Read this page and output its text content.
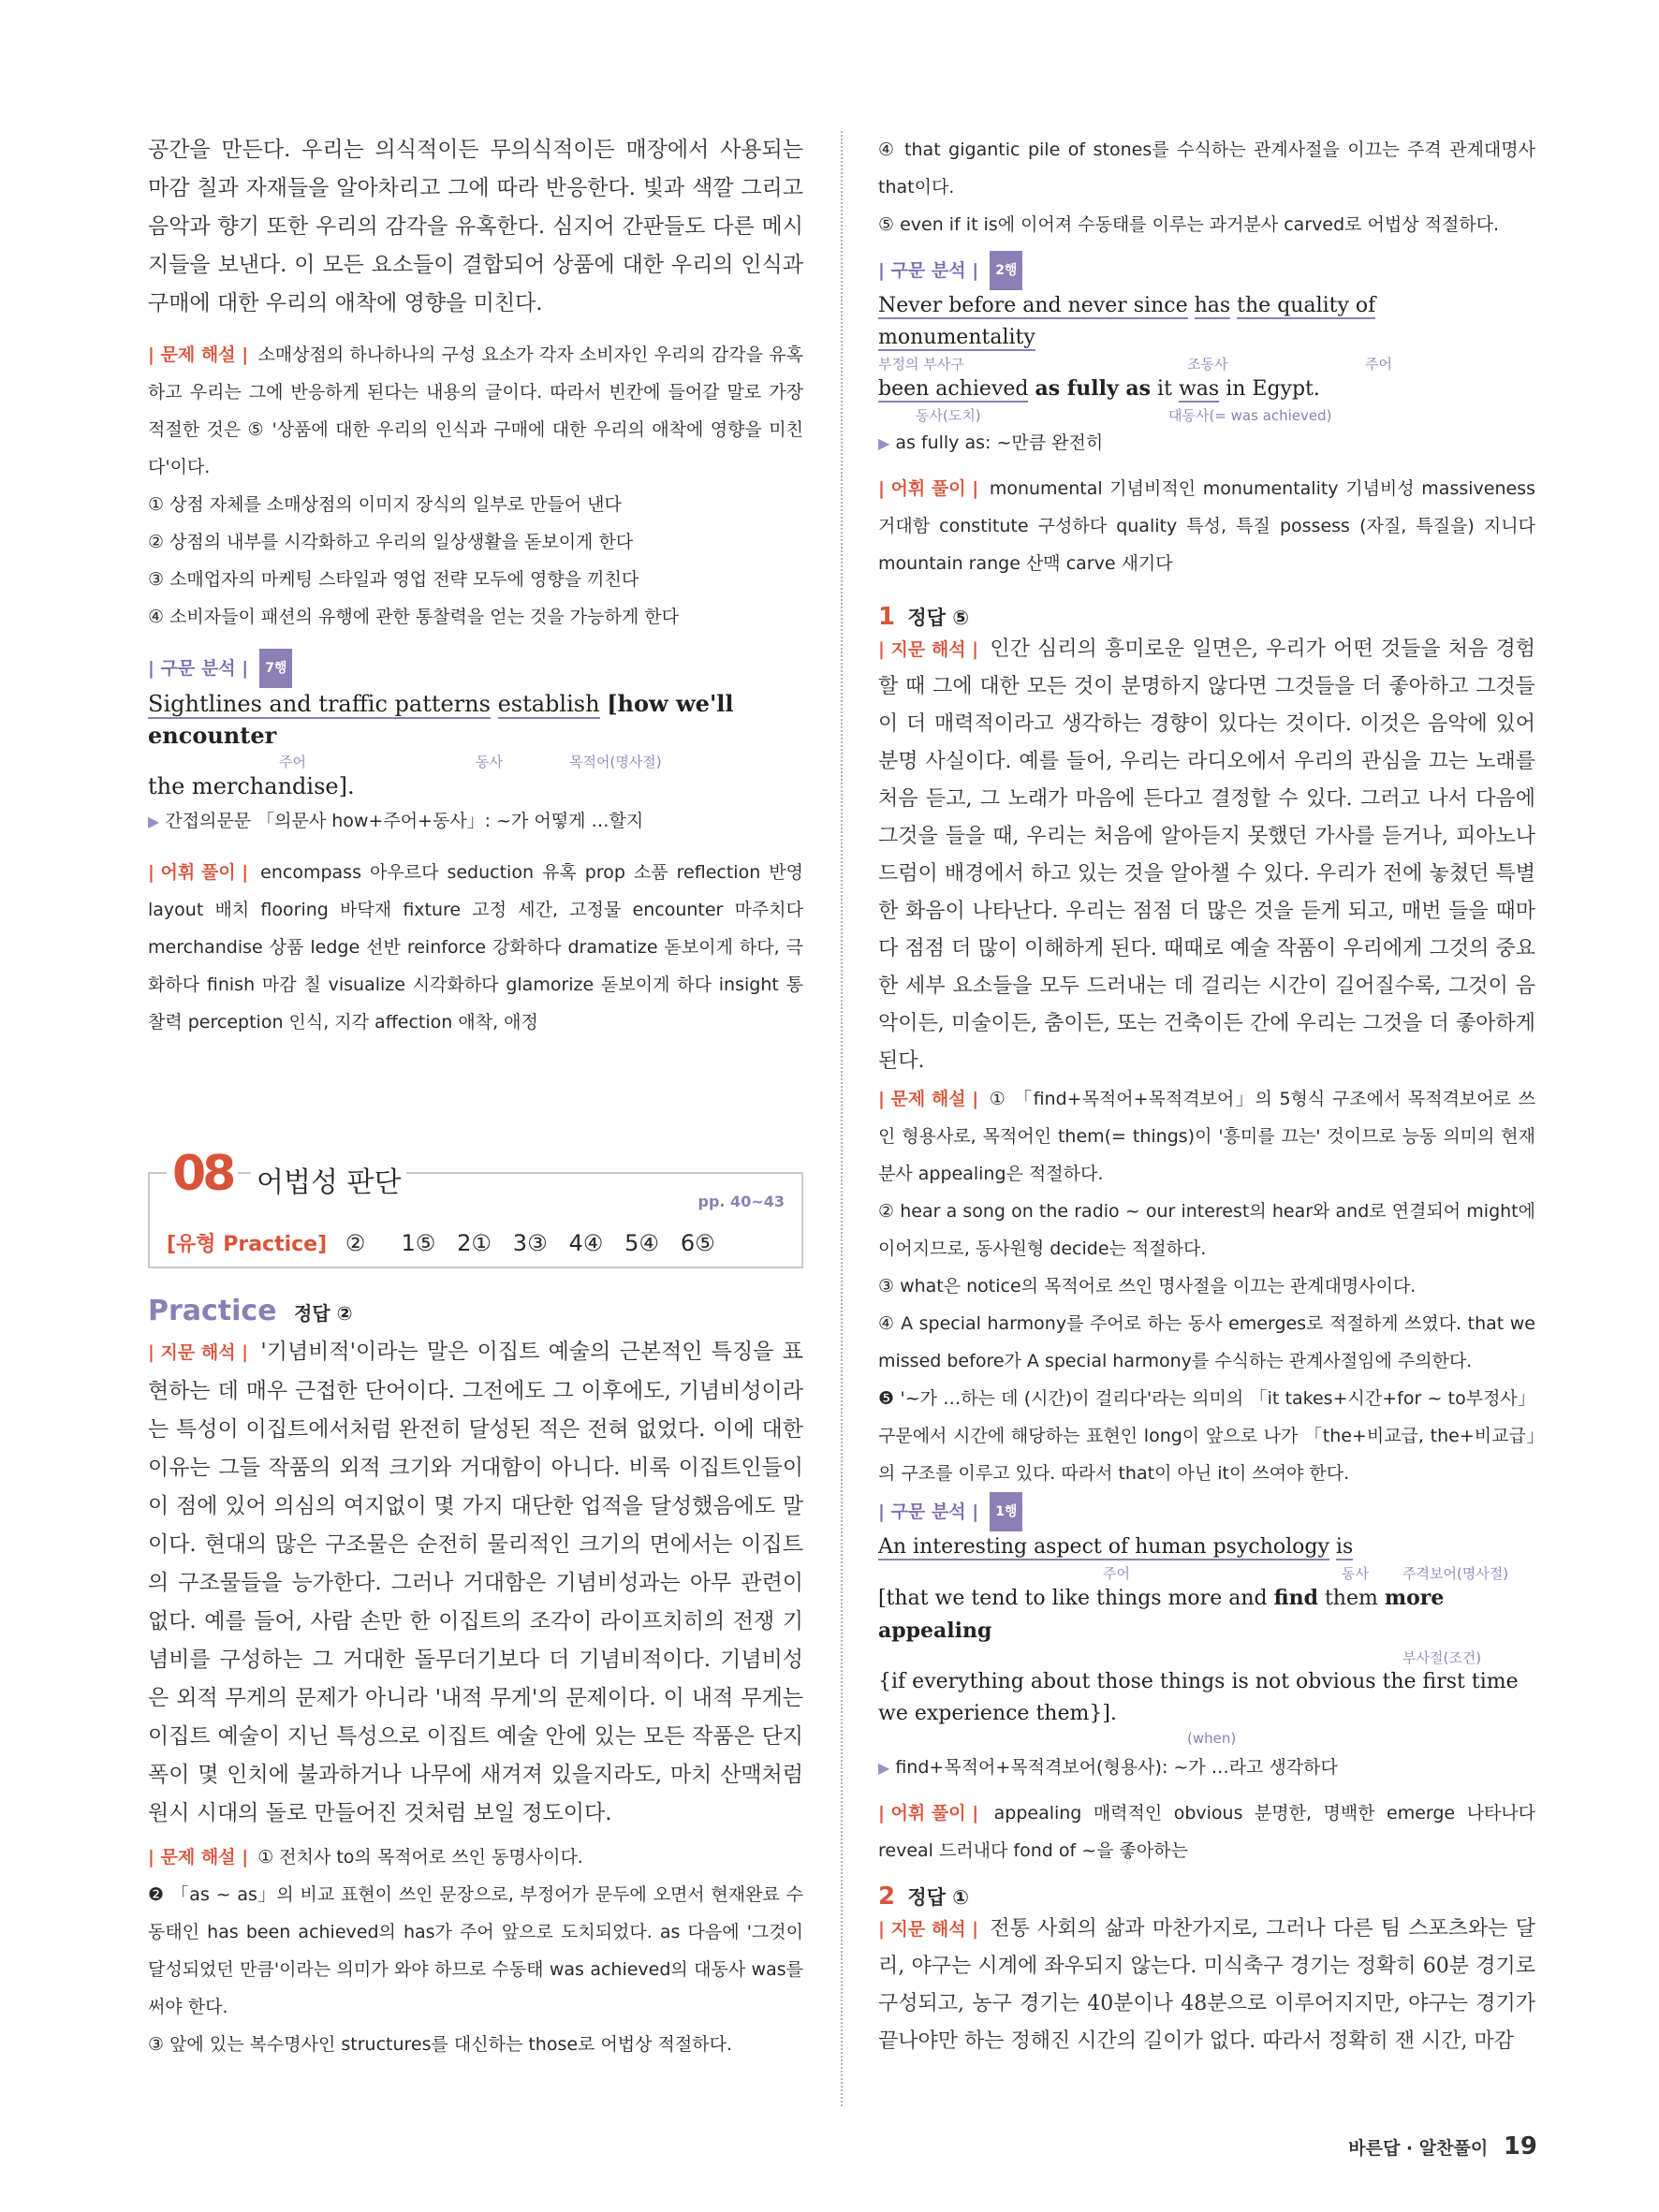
공간을 만든다. 우리는 의식적이든 무의식적이든 매장에서 사용되는 마감 칠과 자재들을 알아차리고 그에 따라 반응한다. 빛과 색깔 그리고 음악과 향기 또한 우리의 감각을 유혹한다. 심지어 간판들도 다른 메시지들을 보낸다. 이 모든 요소들이 결합되어 상품에 대한 우리의 인식과 구매에 대한 우리의 애착에 영향을 미친다.

| 문제 해설 | 소매상점의 하나하나의 구성 요소가 각자 소비자인 우리의 감각을 유혹하고 우리는 그에 반응하게 된다는 내용의 글이다. 따라서 빈칸에 들어갈 말로 가장 적절한 것은 ⑤ '상품에 대한 우리의 인식과 구매에 대한 우리의 애착에 영향을 미친다'이다.

① 상점 자체를 소매상점의 이미지 장식의 일부로 만들어 낸다

② 상점의 내부를 시각화하고 우리의 일상생활을 돋보이게 한다

③ 소매업자의 마케팅 스타일과 영업 전략 모두에 영향을 끼친다

④ 소비자들이 패션의 유행에 관한 통찰력을 얻는 것을 가능하게 한다

| 구문 분석 | 7행

Sightlines and traffic patterns establish [how we'll encounter
주어	동사	목적어(명사절)
the merchandise].

▶ 간접의문문 「의문사 how+주어+동사」: ~가 어떻게 …할지

| 어휘 풀이 | encompass 아우르다 seduction 유혹 prop 소품 reflection 반영 layout 배치 flooring 바닥재 fixture 고정 세간, 고정물 encounter 마주치다 merchandise 상품 ledge 선반 reinforce 강화하다 dramatize 돋보이게 하다, 극화하다 finish 마감 칠 visualize 시각화하다 glamorize 돋보이게 하다 insight 통찰력 perception 인식, 지각 affection 애착, 애정

08 어법성 판단
pp. 40~43
[유형 Practice] ②     1⑤   2①   3③   4④   5④   6⑤
Practice 정답 ②

| 지문 해석 | '기념비적'이라는 말은 이집트 예술의 근본적인 특징을 표현하는 데 매우 근접한 단어이다. 그전에도 그 이후에도, 기념비성이라는 특성이 이집트에서처럼 완전히 달성된 적은 전혀 없었다. 이에 대한 이유는 그들 작품의 외적 크기와 거대함이 아니다. 비록 이집트인들이 이 점에 있어 의심의 여지없이 몇 가지 대단한 업적을 달성했음에도 말이다. 현대의 많은 구조물은 순전히 물리적인 크기의 면에서는 이집트의 구조물들을 능가한다. 그러나 거대함은 기념비성과는 아무 관련이 없다. 예를 들어, 사람 손만 한 이집트의 조각이 라이프치히의 전쟁 기념비를 구성하는 그 거대한 돌무더기보다 더 기념비적이다. 기념비성은 외적 무게의 문제가 아니라 '내적 무게'의 문제이다. 이 내적 무게는 이집트 예술이 지닌 특성으로 이집트 예술 안에 있는 모든 작품은 단지 폭이 몇 인치에 불과하거나 나무에 새겨져 있을지라도, 마치 산맥처럼 원시 시대의 돌로 만들어진 것처럼 보일 정도이다.

| 문제 해설 | ① 전치사 to의 목적어로 쓰인 동명사이다.

❷ 「as ~ as」의 비교 표현이 쓰인 문장으로, 부정어가 문두에 오면서 현재완료 수동태인 has been achieved의 has가 주어 앞으로 도치되었다. as 다음에 '그것이 달성되었던 만큼'이라는 의미가 와야 하므로 수동태 was achieved의 대동사 was를 써야 한다.

③ 앞에 있는 복수명사인 structures를 대신하는 those로 어법상 적절하다.

④ that gigantic pile of stones를 수식하는 관계사절을 이끄는 주격 관계대명사 that이다.

⑤ even if it is에 이어져 수동태를 이루는 과거분사 carved로 어법상 적절하다.

| 구문 분석 | 2행

Never before and never since has the quality of monumentality
부정의 부사구	조동사	주어
been achieved as fully as it was in Egypt.
동사(도치)	대동사(= was achieved)

▶ as fully as: ~만큼 완전히

| 어휘 풀이 | monumental 기념비적인 monumentality 기념비성 massiveness 거대함 constitute 구성하다 quality 특성, 특질 possess (자질, 특질을) 지니다 mountain range 산맥 carve 새기다

1 정답 ⑤

| 지문 해석 | 인간 심리의 흥미로운 일면은, 우리가 어떤 것들을 처음 경험할 때 그에 대한 모든 것이 분명하지 않다면 그것들을 더 좋아하고 그것들이 더 매력적이라고 생각하는 경향이 있다는 것이다. 이것은 음악에 있어 분명 사실이다. 예를 들어, 우리는 라디오에서 우리의 관심을 끄는 노래를 처음 듣고, 그 노래가 마음에 든다고 결정할 수 있다. 그러고 나서 다음에 그것을 들을 때, 우리는 처음에 알아듣지 못했던 가사를 듣거나, 피아노나 드럼이 배경에서 하고 있는 것을 알아챌 수 있다. 우리가 전에 놓쳤던 특별한 화음이 나타난다. 우리는 점점 더 많은 것을 듣게 되고, 매번 들을 때마다 점점 더 많이 이해하게 된다. 때때로 예술 작품이 우리에게 그것의 중요한 세부 요소들을 모두 드러내는 데 걸리는 시간이 길어질수록, 그것이 음악이든, 미술이든, 춤이든, 또는 건축이든 간에 우리는 그것을 더 좋아하게 된다.

| 문제 해설 | ① 「find+목적어+목적격보어」의 5형식 구조에서 목적격보어로 쓰인 형용사로, 목적어인 them(= things)이 '흥미를 끄는' 것이므로 능동 의미의 현재분사 appealing은 적절하다.

② hear a song on the radio ~ our interest의 hear와 and로 연결되어 might에 이어지므로, 동사원형 decide는 적절하다.

③ what은 notice의 목적어로 쓰인 명사절을 이끄는 관계대명사이다.

④ A special harmony를 주어로 하는 동사 emerges로 적절하게 쓰였다. that we missed before가 A special harmony를 수식하는 관계사절임에 주의한다.

❺ '~가 …하는 데 (시간)이 걸리다'라는 의미의 「it takes+시간+for ~ to부정사」 구문에서 시간에 해당하는 표현인 long이 앞으로 나가 「the+비교급, the+비교급」의 구조를 이루고 있다. 따라서 that이 아닌 it이 쓰여야 한다.

| 구문 분석 | 1행

An interesting aspect of human psychology is
주어	동사 주격보어(명사절)
[that we tend to like things more and find them more appealing
부사절(조건)
{if everything about those things is not obvious the first time we experience them}].
(when)

▶ find+목적어+목적격보어(형용사): ~가 …라고 생각하다

| 어휘 풀이 | appealing 매력적인 obvious 분명한, 명백한 emerge 나타나다 reveal 드러내다 fond of ~을 좋아하는

2 정답 ①

| 지문 해석 | 전통 사회의 삶과 마찬가지로, 그러나 다른 팀 스포츠와는 달리, 야구는 시계에 좌우되지 않는다. 미식축구 경기는 정확히 60분 경기로 구성되고, 농구 경기는 40분이나 48분으로 이루어지지만, 야구는 경기가 끝나야만 하는 정해진 시간의 길이가 없다. 따라서 정확히 잰 시간, 마감

바른답 · 알찬풀이 19
